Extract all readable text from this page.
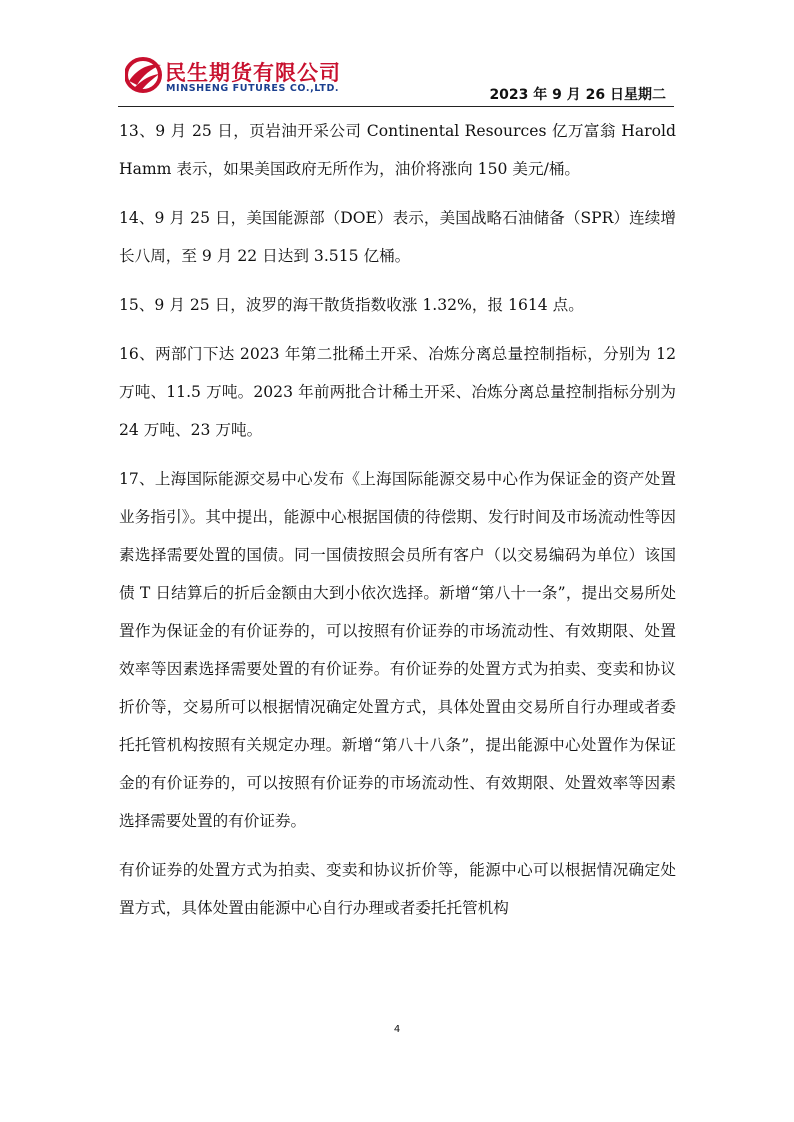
民生期货有限公司
MINSHENG FUTURES CO.,LTD.	2023 年 9 月 26 日星期二

13、9 月 25 日，页岩油开采公司 Continental Resources 亿万富翁 Harold Hamm 表示，如果美国政府无所作为，油价将涨向 150 美元/桶。

14、9 月 25 日，美国能源部（DOE）表示，美国战略石油储备（SPR）连续增长八周，至 9 月 22 日达到 3.515 亿桶。

15、9 月 25 日，波罗的海干散货指数收涨 1.32%，报 1614 点。

16、两部门下达 2023 年第二批稀土开采、冶炼分离总量控制指标，分别为 12 万吨、11.5 万吨。2023 年前两批合计稀土开采、冶炼分离总量控制指标分别为 24 万吨、23 万吨。

17、上海国际能源交易中心发布《上海国际能源交易中心作为保证金的资产处置业务指引》。其中提出，能源中心根据国债的待偿期、发行时间及市场流动性等因素选择需要处置的国债。同一国债按照会员所有客户（以交易编码为单位）该国债 T 日结算后的折后金额由大到小依次选择。新增“第八十一条”，提出交易所处置作为保证金的有价证券的，可以按照有价证券的市场流动性、有效期限、处置效率等因素选择需要处置的有价证券。有价证券的处置方式为拍卖、变卖和协议折价等，交易所可以根据情况确定处置方式，具体处置由交易所自行办理或者委托托管机构按照有关规定办理。新增“第八十八条”，提出能源中心处置作为保证金的有价证券的，可以按照有价证券的市场流动性、有效期限、处置效率等因素选择需要处置的有价证券。

有价证券的处置方式为拍卖、变卖和协议折价等，能源中心可以根据情况确定处置方式，具体处置由能源中心自行办理或者委托托管机构

4
